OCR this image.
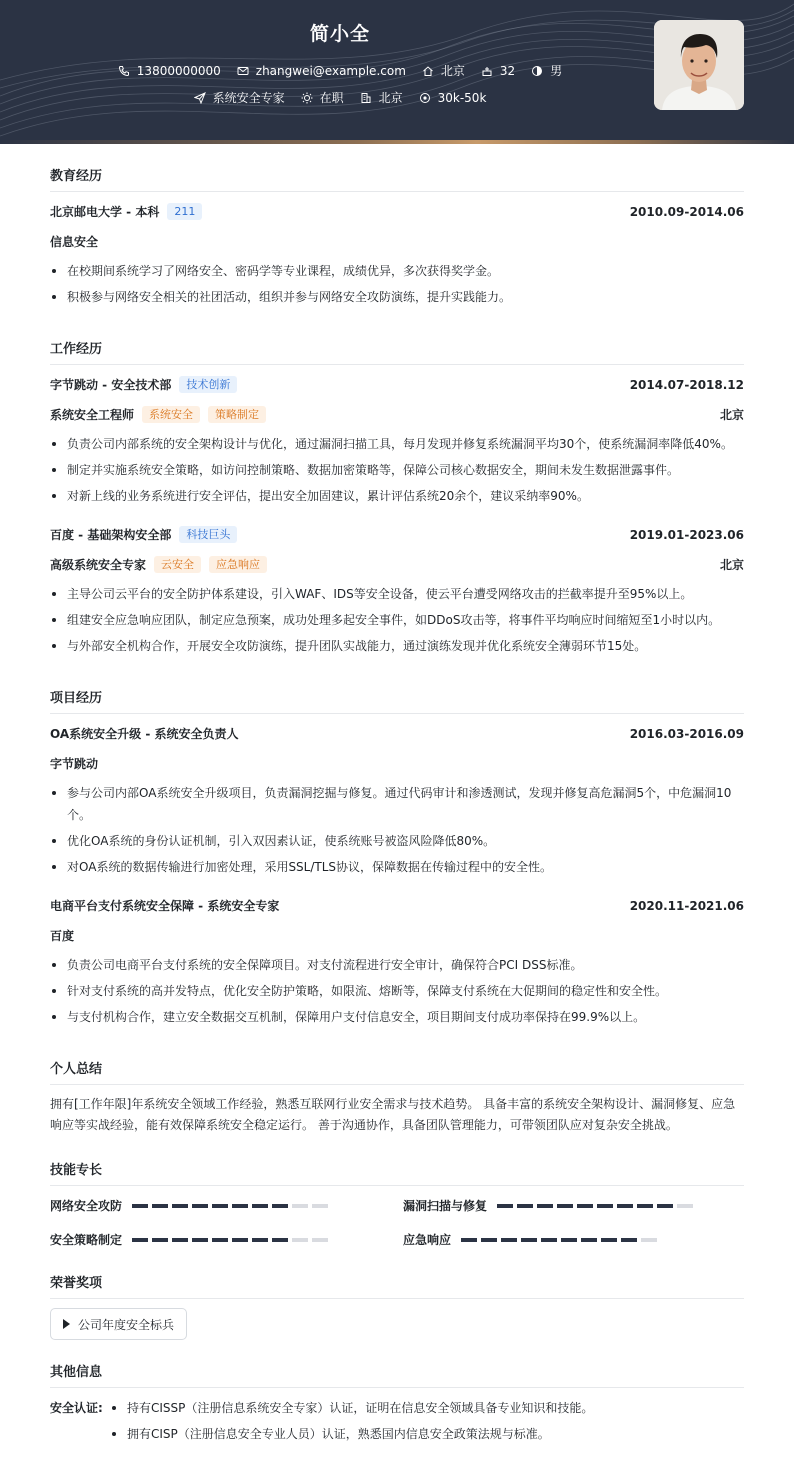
简小全
13800000000	zhangwei@example.com	北京	32	男
系统安全专家	在职	北京	30k-50k
教育经历
北京邮电大学 - 本科	211	2010.09-2014.06
信息安全
在校期间系统学习了网络安全、密码学等专业课程，成绩优异，多次获得奖学金。
积极参与网络安全相关的社团活动，组织并参与网络安全攻防演练，提升实践能力。
工作经历
字节跳动 - 安全技术部	技术创新	2014.07-2018.12
系统安全工程师	系统安全	策略制定	北京
负责公司内部系统的安全架构设计与优化，通过漏洞扫描工具，每月发现并修复系统漏洞平均30个，使系统漏洞率降低40%。
制定并实施系统安全策略，如访问控制策略、数据加密策略等，保障公司核心数据安全，期间未发生数据泄露事件。
对新上线的业务系统进行安全评估，提出安全加固建议，累计评估系统20余个，建议采纳率90%。
百度 - 基础架构安全部	科技巨头	2019.01-2023.06
高级系统安全专家	云安全	应急响应	北京
主导公司云平台的安全防护体系建设，引入WAF、IDS等安全设备，使云平台遭受网络攻击的拦截率提升至95%以上。
组建安全应急响应团队，制定应急预案，成功处理多起安全事件，如DDoS攻击等，将事件平均响应时间缩短至1小时以内。
与外部安全机构合作，开展安全攻防演练，提升团队实战能力，通过演练发现并优化系统安全薄弱环节15处。
项目经历
OA系统安全升级 - 系统安全负责人	2016.03-2016.09
字节跳动
参与公司内部OA系统安全升级项目，负责漏洞挖掘与修复。通过代码审计和渗透测试，发现并修复高危漏洞5个，中危漏洞10个。
优化OA系统的身份认证机制，引入双因素认证，使系统账号被盗风险降低80%。
对OA系统的数据传输进行加密处理，采用SSL/TLS协议，保障数据在传输过程中的安全性。
电商平台支付系统安全保障 - 系统安全专家	2020.11-2021.06
百度
负责公司电商平台支付系统的安全保障项目。对支付流程进行安全审计，确保符合PCI DSS标准。
针对支付系统的高并发特点，优化安全防护策略，如限流、熔断等，保障支付系统在大促期间的稳定性和安全性。
与支付机构合作，建立安全数据交互机制，保障用户支付信息安全，项目期间支付成功率保持在99.9%以上。
个人总结
拥有[工作年限]年系统安全领域工作经验，熟悉互联网行业安全需求与技术趋势。 具备丰富的系统安全架构设计、漏洞修复、应急响应等实战经验，能有效保障系统安全稳定运行。 善于沟通协作，具备团队管理能力，可带领团队应对复杂安全挑战。
技能专长
网络安全攻防	漏洞扫描与修复
安全策略制定	应急响应
荣誉奖项
公司年度安全标兵
其他信息
安全认证:	持有CISSP（注册信息系统安全专家）认证，证明在信息安全领域具备专业知识和技能。
拥有CISP（注册信息安全专业人员）认证，熟悉国内信息安全政策法规与标准。
